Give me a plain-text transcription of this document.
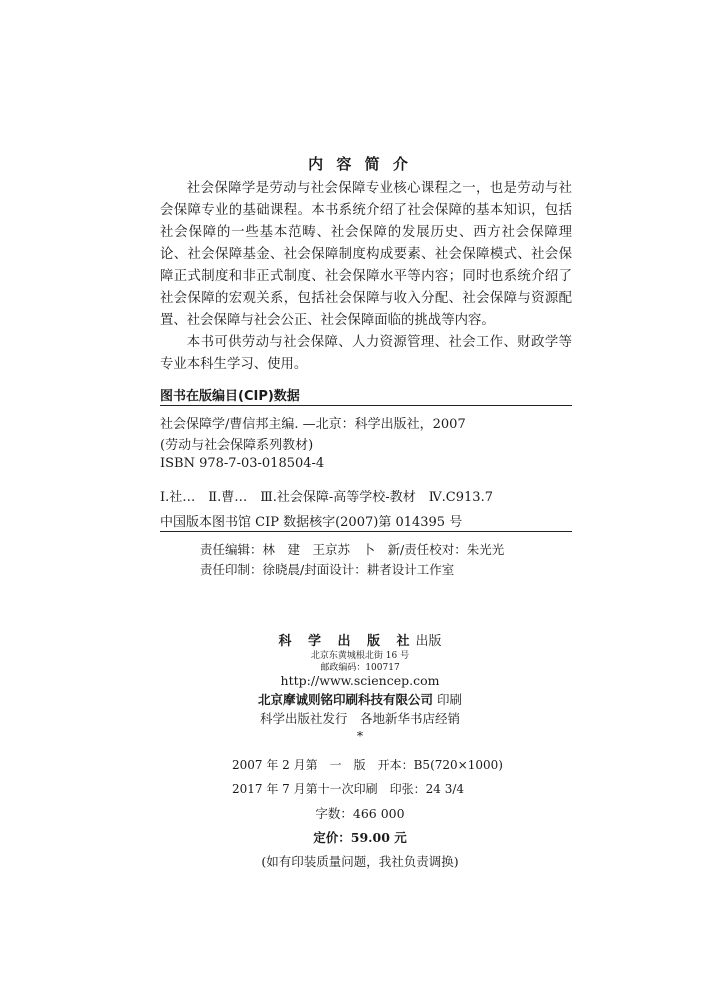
内 容 简 介

社会保障学是劳动与社会保障专业核心课程之一，也是劳动与社会保障专业的基础课程。本书系统介绍了社会保障的基本知识，包括社会保障的一些基本范畴、社会保障的发展历史、西方社会保障理论、社会保障基金、社会保障制度构成要素、社会保障模式、社会保障正式制度和非正式制度、社会保障水平等内容；同时也系统介绍了社会保障的宏观关系，包括社会保障与收入分配、社会保障与资源配置、社会保障与社会公正、社会保障面临的挑战等内容。

本书可供劳动与社会保障、人力资源管理、社会工作、财政学等专业本科生学习、使用。

图书在版编目(CIP)数据
社会保障学/曹信邦主编. —北京：科学出版社，2007
(劳动与社会保障系列教材)
ISBN 978-7-03-018504-4
Ⅰ.社…　Ⅱ.曹…　Ⅲ.社会保障-高等学校-教材　Ⅳ.C913.7
中国版本图书馆 CIP 数据核字(2007)第 014395 号
责任编辑：林　建　王京苏　卜　新/责任校对：朱光光
责任印制：徐晓晨/封面设计：耕者设计工作室
科 学 出 版 社出版
北京东黄城根北街 16 号
邮政编码：100717
http://www.sciencep.com
北京摩诚则铭印刷科技有限公司 印刷
科学出版社发行　各地新华书店经销
*
2007 年 2 月第　一　版　开本：B5(720×1000)
2017 年 7 月第十一次印刷　印张：24 3/4
字数：466 000
定价：59.00 元
(如有印装质量问题，我社负责调换)
